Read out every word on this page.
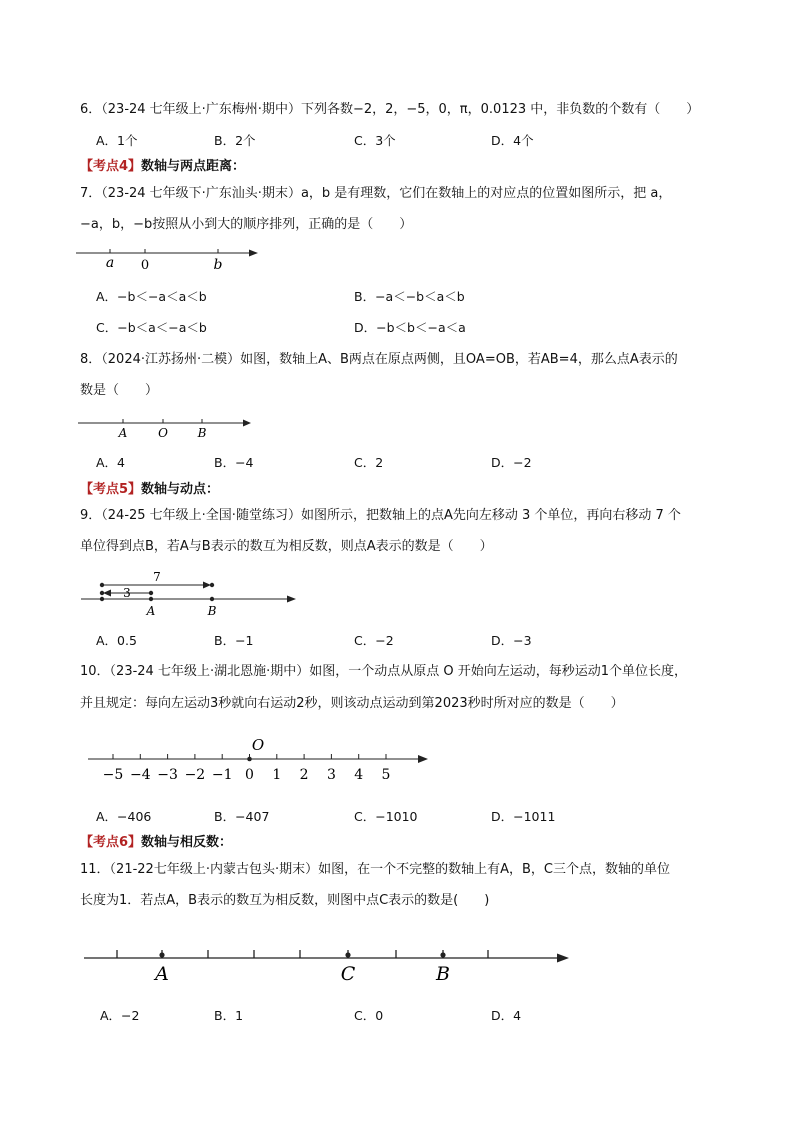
6．（23-24 七年级上·广东梅州·期中）下列各数−2，2，−5，0，π，0.0123 中，非负数的个数有（　　）
A．1个	B．2个	C．3个	D．4个
【考点4】数轴与两点距离：
7．（23-24 七年级下·广东汕头·期末）a，b 是有理数，它们在数轴上的对应点的位置如图所示，把 a，
−a，b，−b按照从小到大的顺序排列，正确的是（　　）
a 0	b
A．−b＜−a＜a＜b	B．−a＜−b＜a＜b
C．−b＜a＜−a＜b	D．−b＜b＜−a＜a
8．（2024·江苏扬州·二模）如图，数轴上A、B两点在原点两侧，且OA=OB，若AB=4，那么点A表示的
数是（　　）
A	O B
A．4	B．−4	C．2	D．−2
【考点5】数轴与动点：
9．（24-25 七年级上·全国·随堂练习）如图所示，把数轴上的点A先向左移动 3 个单位，再向右移动 7 个
单位得到点B，若A与B表示的数互为相反数，则点A表示的数是（　　）
7
3
A	B
A．0.5	B．−1	C．−2	D．−3
10．（23-24 七年级上·湖北恩施·期中）如图，一个动点从原点 O 开始向左运动，每秒运动1个单位长度，
并且规定：每向左运动3秒就向右运动2秒，则该动点运动到第2023秒时所对应的数是（　　）
O
−5 −4 −3 −2 −1 0 1 2 3 4 5
A．−406	B．−407	C．−1010	D．−1011
【考点6】数轴与相反数：
11．（21-22七年级上·内蒙古包头·期末）如图，在一个不完整的数轴上有A，B，C三个点，数轴的单位
长度为1．若点A，B表示的数互为相反数，则图中点C表示的数是(　　)
A	C	B
A．−2	B．1	C．0	D．4
